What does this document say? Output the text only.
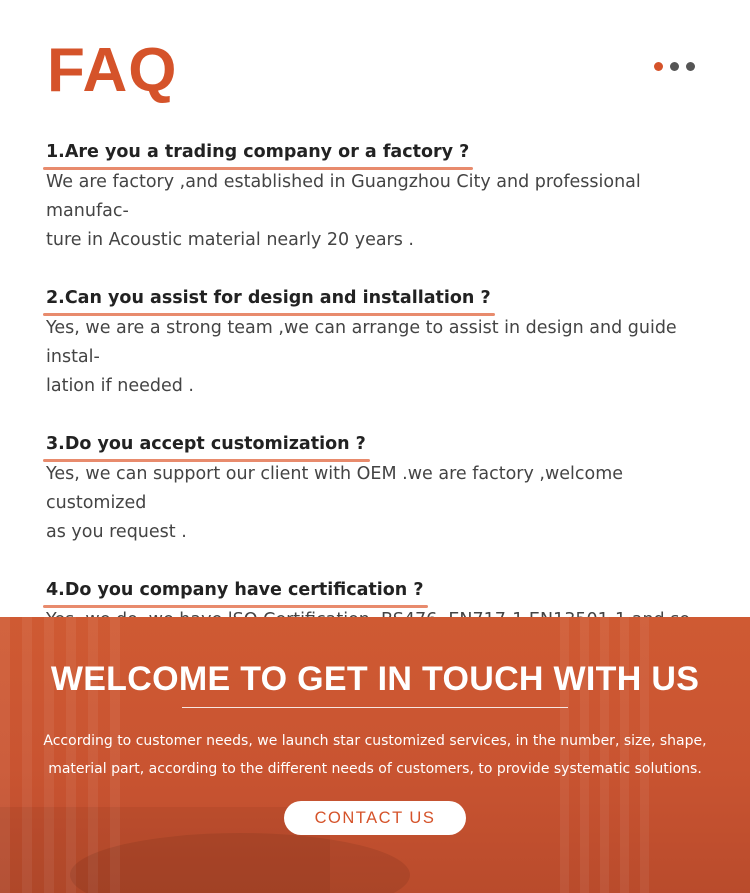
FAQ
1.Are you a trading company or a factory ?
We are factory ,and established in Guangzhou City and professional manufac-
ture in Acoustic material nearly 20 years .
2.Can you assist for design and installation ?
Yes, we are a strong team ,we can arrange to assist in design and guide instal-
lation if needed .
3.Do you accept customization ?
Yes, we can support our client with OEM .we are factory ,welcome customized
as you request .
4.Do you company have certification ?
WELCOME TO GET IN TOUCH WITH US
According to customer needs, we launch star customized services, in the number, size, shape,
material part, according to the different needs of customers, to provide systematic solutions.
CONTACT US
